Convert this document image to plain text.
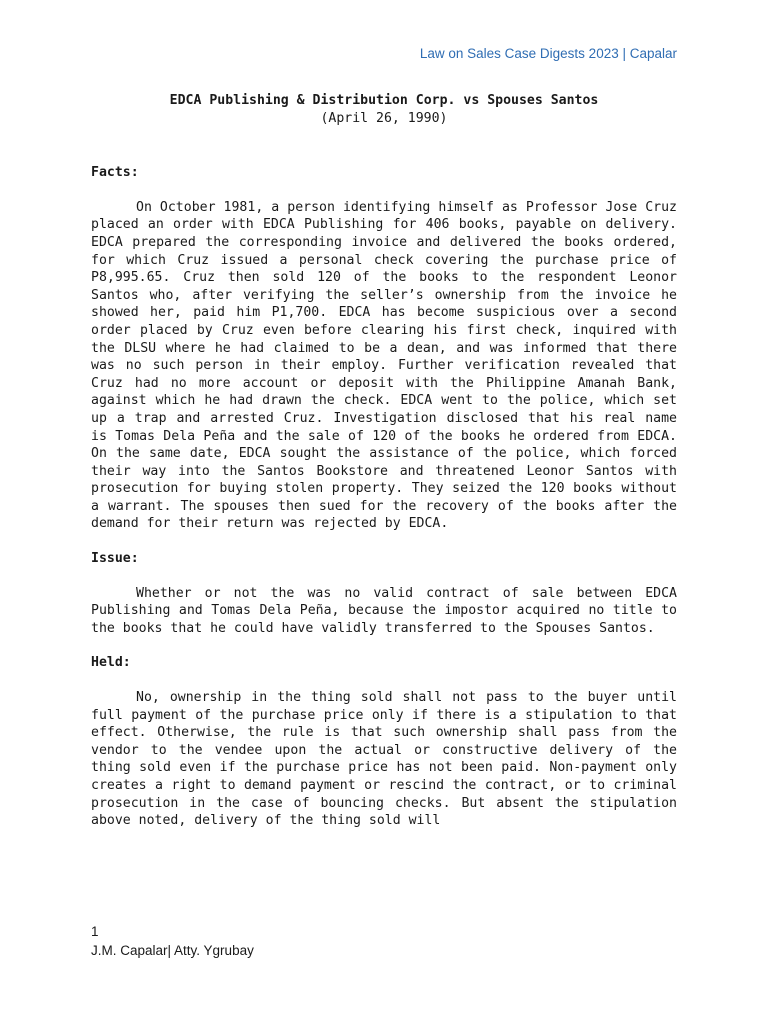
Law on Sales Case Digests 2023 | Capalar

EDCA Publishing & Distribution Corp. vs Spouses Santos

(April 26, 1990)

Facts:

On October 1981, a person identifying himself as Professor Jose Cruz placed an order with EDCA Publishing for 406 books, payable on delivery. EDCA prepared the corresponding invoice and delivered the books ordered, for which Cruz issued a personal check covering the purchase price of P8,995.65. Cruz then sold 120 of the books to the respondent Leonor Santos who, after verifying the seller’s ownership from the invoice he showed her, paid him P1,700. EDCA has become suspicious over a second order placed by Cruz even before clearing his first check, inquired with the DLSU where he had claimed to be a dean, and was informed that there was no such person in their employ. Further verification revealed that Cruz had no more account or deposit with the Philippine Amanah Bank, against which he had drawn the check. EDCA went to the police, which set up a trap and arrested Cruz. Investigation disclosed that his real name is Tomas Dela Peña and the sale of 120 of the books he ordered from EDCA. On the same date, EDCA sought the assistance of the police, which forced their way into the Santos Bookstore and threatened Leonor Santos with prosecution for buying stolen property. They seized the 120 books without a warrant. The spouses then sued for the recovery of the books after the demand for their return was rejected by EDCA.

Issue:

Whether or not the was no valid contract of sale between EDCA Publishing and Tomas Dela Peña, because the impostor acquired no title to the books that he could have validly transferred to the Spouses Santos.

Held:

No, ownership in the thing sold shall not pass to the buyer until full payment of the purchase price only if there is a stipulation to that effect. Otherwise, the rule is that such ownership shall pass from the vendor to the vendee upon the actual or constructive delivery of the thing sold even if the purchase price has not been paid. Non-payment only creates a right to demand payment or rescind the contract, or to criminal prosecution in the case of bouncing checks. But absent the stipulation above noted, delivery of the thing sold will

1
J.M. Capalar| Atty. Ygrubay
